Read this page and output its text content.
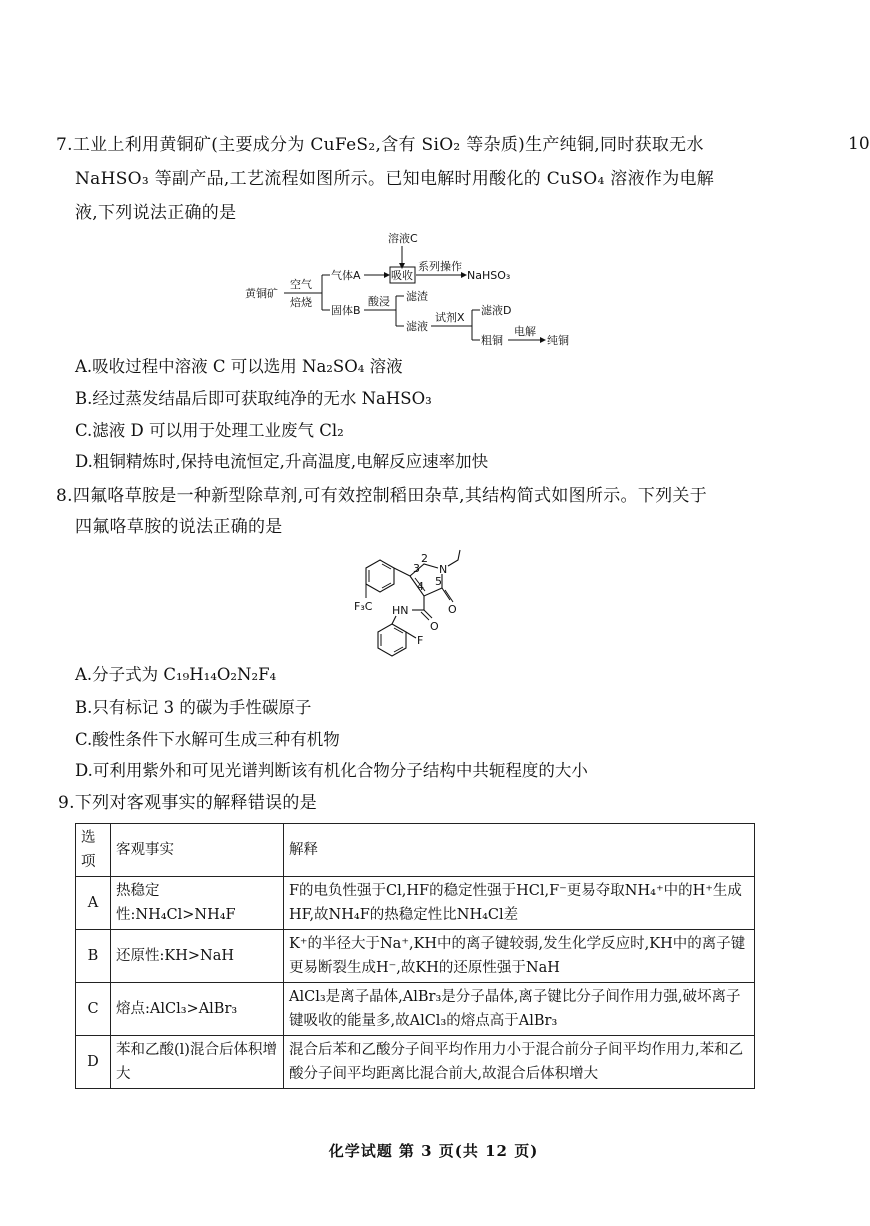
10
7.工业上利用黄铜矿(主要成分为 CuFeS₂,含有 SiO₂ 等杂质)生产纯铜,同时获取无水
NaHSO₃ 等副产品,工艺流程如图所示。已知电解时用酸化的 CuSO₄ 溶液作为电解
液,下列说法正确的是
溶液C
黄铜矿
空气
焙烧
气体A	吸收
系列操作
NaHSO₃
固体B
酸浸 滤渣
滤液
试剂X
滤液D
粗铜
电解
纯铜
A.吸收过程中溶液 C 可以选用 Na₂SO₄ 溶液
B.经过蒸发结晶后即可获取纯净的无水 NaHSO₃
C.滤液 D 可以用于处理工业废气 Cl₂
D.粗铜精炼时,保持电流恒定,升高温度,电解反应速率加快
8.四氟咯草胺是一种新型除草剂,可有效控制稻田杂草,其结构简式如图所示。下列关于
四氟咯草胺的说法正确的是
F₃C
N
2
3
4 5
O
O
HN
F
A.分子式为 C₁₉H₁₄O₂N₂F₄
B.只有标记 3 的碳为手性碳原子
C.酸性条件下水解可生成三种有机物
D.可利用紫外和可见光谱判断该有机化合物分子结构中共轭程度的大小
9.下列对客观事实的解释错误的是
选项	客观事实	解释
A	热稳定性:NH₄Cl>NH₄F	F的电负性强于Cl,HF的稳定性强于HCl,F⁻更易夺取NH₄⁺中的H⁺生成HF,故NH₄F的热稳定性比NH₄Cl差
B	还原性:KH>NaH	K⁺的半径大于Na⁺,KH中的离子键较弱,发生化学反应时,KH中的离子键更易断裂生成H⁻,故KH的还原性强于NaH
C	熔点:AlCl₃>AlBr₃	AlCl₃是离子晶体,AlBr₃是分子晶体,离子键比分子间作用力强,破坏离子键吸收的能量多,故AlCl₃的熔点高于AlBr₃
D	苯和乙酸(l)混合后体积增大	混合后苯和乙酸分子间平均作用力小于混合前分子间平均作用力,苯和乙酸分子间平均距离比混合前大,故混合后体积增大
化学试题 第 3 页(共 12 页)
